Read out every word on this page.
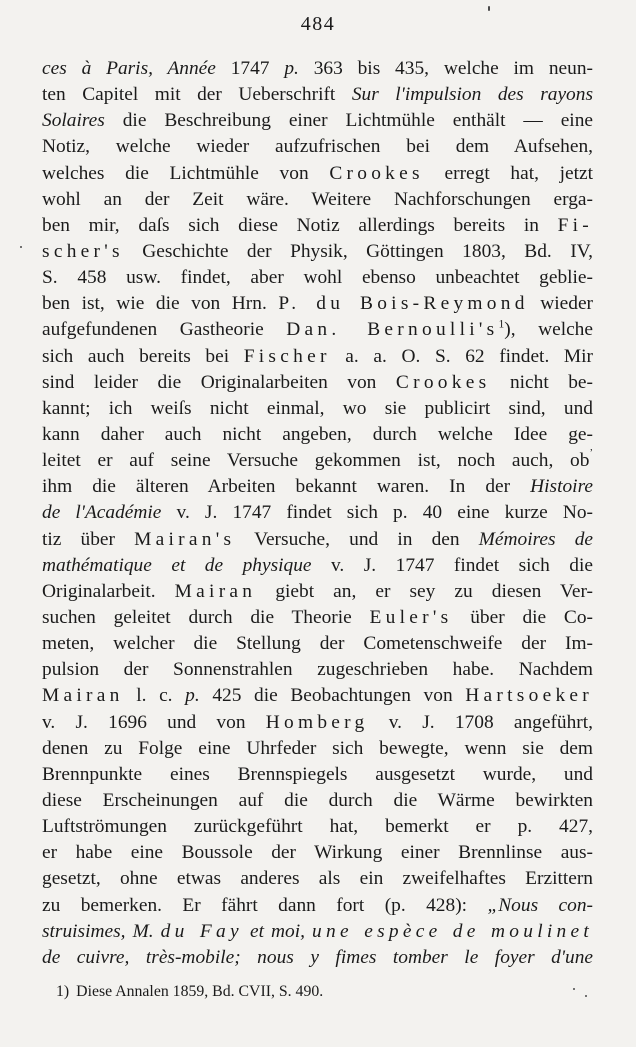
484
ces à Paris, Année 1747 p. 363 bis 435, welche im neun-
ten Capitel mit der Ueberschrift Sur l'impulsion des rayons
Solaires die Beschreibung einer Lichtmühle enthält — eine
Notiz, welche wieder aufzufrischen bei dem Aufsehen,
welches die Lichtmühle von Crookes erregt hat, jetzt
wohl an der Zeit wäre. Weitere Nachforschungen erga-
ben mir, daſs sich diese Notiz allerdings bereits in Fi-
scher's Geschichte der Physik, Göttingen 1803, Bd. IV,
S. 458 usw. findet, aber wohl ebenso unbeachtet geblie-
ben ist, wie die von Hrn. P. du Bois-Reymond wieder
aufgefundenen Gastheorie Dan. $Bernoulli's^1$), welche
sich auch bereits bei Fischer a. a. O. S. 62 findet. Mir
sind leider die Originalarbeiten von Crookes nicht be-
kannt; ich weiſs nicht einmal, wo sie publicirt sind, und
kann daher auch nicht angeben, durch welche Idee ge-
leitet er auf seine Versuche gekommen ist, noch auch, ob’
ihm die älteren Arbeiten bekannt waren. In der Histoire
de l'Académie v. J. 1747 findet sich p. 40 eine kurze No-
tiz über Mairan's Versuche, und in den Mémoires de
mathématique et de physique v. J. 1747 findet sich die
Originalarbeit. Mairan giebt an, er sey zu diesen Ver-
suchen geleitet durch die Theorie Euler's über die Co-
meten, welcher die Stellung der Cometenschweife der Im-
pulsion der Sonnenstrahlen zugeschrieben habe. Nachdem
Mairan l. c. p. 425 die Beobachtungen von Hartsoeker
v. J. 1696 und von Homberg v. J. 1708 angeführt,
denen zu Folge eine Uhrfeder sich bewegte, wenn sie dem
Brennpunkte eines Brennspiegels ausgesetzt wurde, und
diese Erscheinungen auf die durch die Wärme bewirkten
Luftströmungen zurückgeführt hat, bemerkt er p. 427,
er habe eine Boussole der Wirkung einer Brennlinse aus-
gesetzt, ohne etwas anderes als ein zweifelhaftes Erzittern
zu bemerken. Er fährt dann fort (p. 428): „Nous con-
struisimes, M. du Fay et moi, une espèce de moulinet
de cuivre, très-mobile; nous y fimes tomber le foyer d'une
1) Diese Annalen 1859, Bd. CVII, S. 490.
